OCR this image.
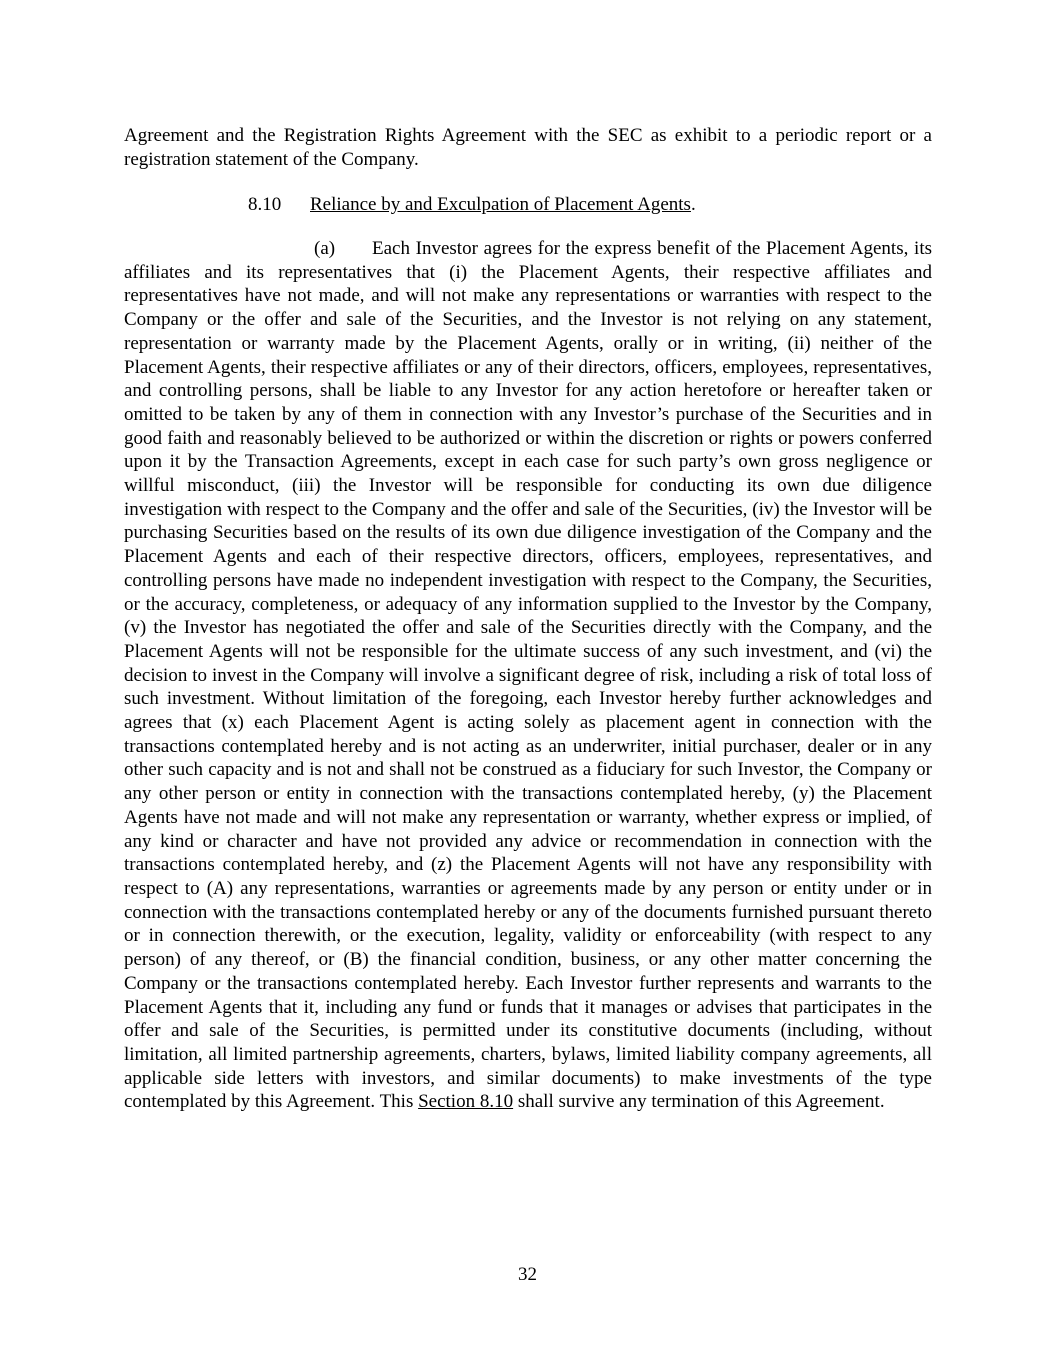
Agreement and the Registration Rights Agreement with the SEC as exhibit to a periodic report or a registration statement of the Company.

8.10 Reliance by and Exculpation of Placement Agents.

(a) Each Investor agrees for the express benefit of the Placement Agents, its affiliates and its representatives that (i) the Placement Agents, their respective affiliates and representatives have not made, and will not make any representations or warranties with respect to the Company or the offer and sale of the Securities, and the Investor is not relying on any statement, representation or warranty made by the Placement Agents, orally or in writing, (ii) neither of the Placement Agents, their respective affiliates or any of their directors, officers, employees, representatives, and controlling persons, shall be liable to any Investor for any action heretofore or hereafter taken or omitted to be taken by any of them in connection with any Investor’s purchase of the Securities and in good faith and reasonably believed to be authorized or within the discretion or rights or powers conferred upon it by the Transaction Agreements, except in each case for such party’s own gross negligence or willful misconduct, (iii) the Investor will be responsible for conducting its own due diligence investigation with respect to the Company and the offer and sale of the Securities, (iv) the Investor will be purchasing Securities based on the results of its own due diligence investigation of the Company and the Placement Agents and each of their respective directors, officers, employees, representatives, and controlling persons have made no independent investigation with respect to the Company, the Securities, or the accuracy, completeness, or adequacy of any information supplied to the Investor by the Company, (v) the Investor has negotiated the offer and sale of the Securities directly with the Company, and the Placement Agents will not be responsible for the ultimate success of any such investment, and (vi) the decision to invest in the Company will involve a significant degree of risk, including a risk of total loss of such investment. Without limitation of the foregoing, each Investor hereby further acknowledges and agrees that (x) each Placement Agent is acting solely as placement agent in connection with the transactions contemplated hereby and is not acting as an underwriter, initial purchaser, dealer or in any other such capacity and is not and shall not be construed as a fiduciary for such Investor, the Company or any other person or entity in connection with the transactions contemplated hereby, (y) the Placement Agents have not made and will not make any representation or warranty, whether express or implied, of any kind or character and have not provided any advice or recommendation in connection with the transactions contemplated hereby, and (z) the Placement Agents will not have any responsibility with respect to (A) any representations, warranties or agreements made by any person or entity under or in connection with the transactions contemplated hereby or any of the documents furnished pursuant thereto or in connection therewith, or the execution, legality, validity or enforceability (with respect to any person) of any thereof, or (B) the financial condition, business, or any other matter concerning the Company or the transactions contemplated hereby. Each Investor further represents and warrants to the Placement Agents that it, including any fund or funds that it manages or advises that participates in the offer and sale of the Securities, is permitted under its constitutive documents (including, without limitation, all limited partnership agreements, charters, bylaws, limited liability company agreements, all applicable side letters with investors, and similar documents) to make investments of the type contemplated by this Agreement. This Section 8.10 shall survive any termination of this Agreement.

32
